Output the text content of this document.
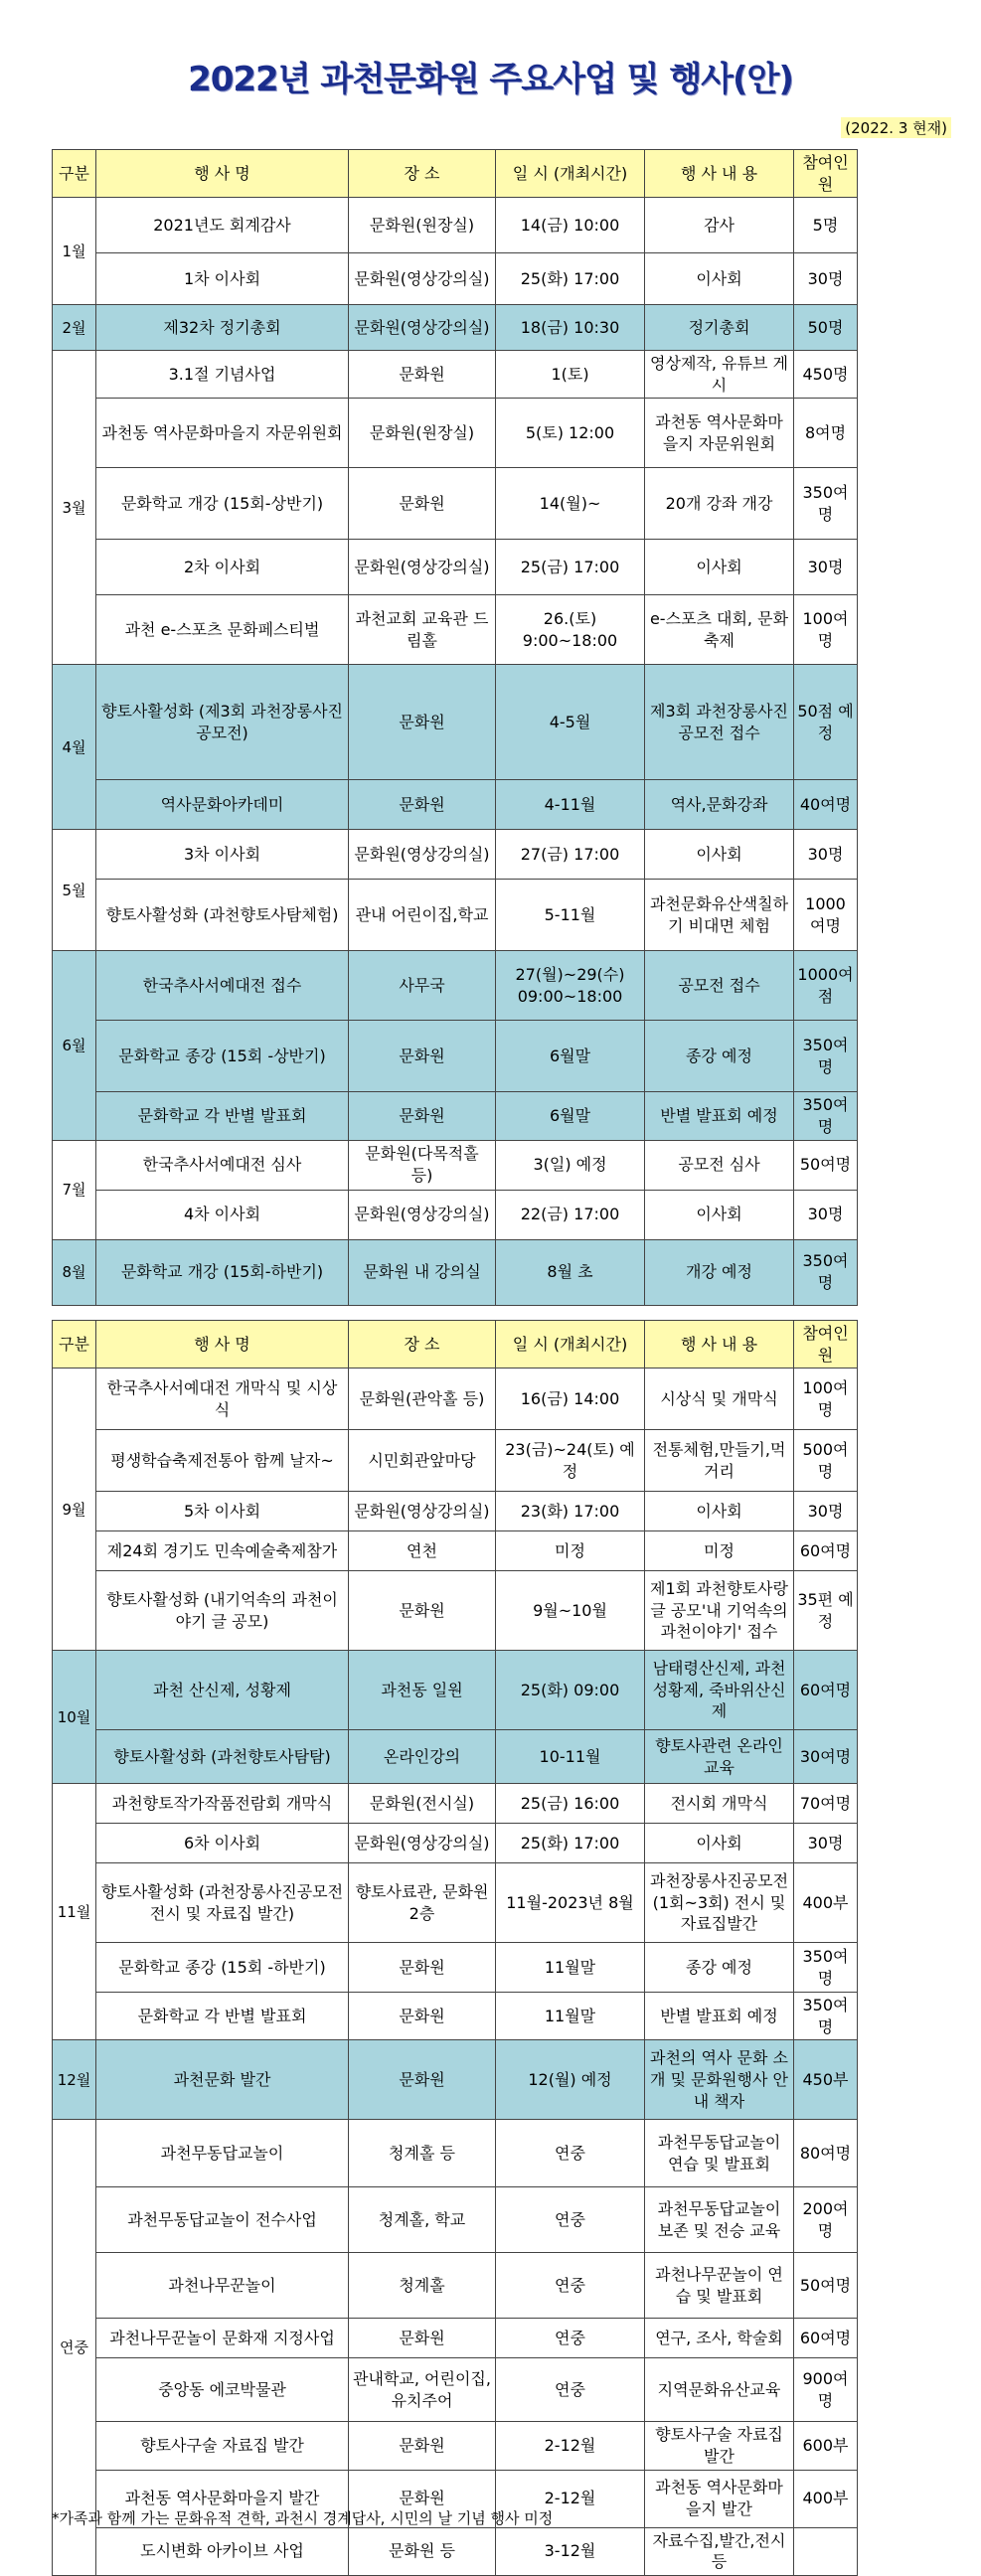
2022년 과천문화원 주요사업 및 행사(안)
(2022. 3 현재)
구분	행 사 명	장 소	일 시 (개최시간)	행 사 내 용	참여인원
1월	2021년도 회계감사	문화원(원장실)	14(금) 10:00	감사	5명
	1차 이사회	문화원(영상강의실)	25(화) 17:00	이사회	30명
2월	제32차 정기총회	문화원(영상강의실)	18(금) 10:30	정기총회	50명
3월	3.1절 기념사업	문화원	1(토)	영상제작, 유튜브 게시	450명
	과천동 역사문화마을지 자문위원회	문화원(원장실)	5(토) 12:00	과천동 역사문화마을지 자문위원회	8여명
	문화학교 개강 (15회-상반기)	문화원	14(월)~	20개 강좌 개강	350여명
	2차 이사회	문화원(영상강의실)	25(금) 17:00	이사회	30명
	과천 e-스포츠 문화페스티벌	과천교회 교육관 드림홀	26.(토) 9:00~18:00	e-스포츠 대회, 문화축제	100여명
4월	향토사활성화 (제3회 과천장롱사진공모전)	문화원	4-5월	제3회 과천장롱사진공모전 접수	50점 예정
	역사문화아카데미	문화원	4-11월	역사,문화강좌	40여명
5월	3차 이사회	문화원(영상강의실)	27(금) 17:00	이사회	30명
	향토사활성화 (과천향토사탐체험)	관내 어린이집,학교	5-11월	과천문화유산색칠하기 비대면 체험	1000 여명
6월	한국추사서예대전 접수	사무국	27(월)~29(수) 09:00~18:00	공모전 접수	1000여점
	문화학교 종강 (15회 -상반기)	문화원	6월말	종강 예정	350여명
	문화학교 각 반별 발표회	문화원	6월말	반별 발표회 예정	350여명
7월	한국추사서예대전 심사	문화원(다목적홀 등)	3(일) 예정	공모전 심사	50여명
	4차 이사회	문화원(영상강의실)	22(금) 17:00	이사회	30명
8월	문화학교 개강 (15회-하반기)	문화원 내 강의실	8월 초	개강 예정	350여명
구분	행 사 명	장 소	일 시 (개최시간)	행 사 내 용	참여인원
9월	한국추사서예대전 개막식 및 시상식	문화원(관악홀 등)	16(금) 14:00	시상식 및 개막식	100여명
	평생학습축제전통아 함께 날자~	시민회관앞마당	23(금)~24(토) 예정	전통체험,만들기,먹거리	500여명
	5차 이사회	문화원(영상강의실)	23(화) 17:00	이사회	30명
	제24회 경기도 민속예술축제참가	연천	미정	미정	60여명
	향토사활성화 (내기억속의 과천이야기 글 공모)	문화원	9월~10월	제1회 과천향토사랑글 공모'내 기억속의 과천이야기' 접수	35편 예정
10월	과천 산신제, 성황제	과천동 일원	25(화) 09:00	남태령산신제, 과천성황제, 죽바위산신제	60여명
	향토사활성화 (과천향토사탐탐)	온라인강의	10-11월	향토사관련 온라인교육	30여명
11월	과천향토작가작품전람회 개막식	문화원(전시실)	25(금) 16:00	전시회 개막식	70여명
	6차 이사회	문화원(영상강의실)	25(화) 17:00	이사회	30명
	향토사활성화 (과천장롱사진공모전 전시 및 자료집 발간)	향토사료관, 문화원2층	11월-2023년 8월	과천장롱사진공모전(1회~3회) 전시 및 자료집발간	400부
	문화학교 종강 (15회 -하반기)	문화원	11월말	종강 예정	350여명
	문화학교 각 반별 발표회	문화원	11월말	반별 발표회 예정	350여명
12월	과천문화 발간	문화원	12(월) 예정	과천의 역사 문화 소개 및 문화원행사 안내 책자	450부
연중	과천무동답교놀이	청계홀 등	연중	과천무동답교놀이 연습 및 발표회	80여명
	과천무동답교놀이 전수사업	청계홀, 학교	연중	과천무동답교놀이 보존 및 전승 교육	200여명
	과천나무꾼놀이	청계홀	연중	과천나무꾼놀이 연습 및 발표회	50여명
	과천나무꾼놀이 문화재 지정사업	문화원	연중	연구, 조사, 학술회	60여명
	중앙동 에코박물관	관내학교, 어린이집, 유치주어	연중	지역문화유산교육	900여명
	향토사구술 자료집 발간	문화원	2-12월	향토사구술 자료집 발간	600부
	과천동 역사문화마을지 발간	문화원	2-12월	과천동 역사문화마을지 발간	400부
	도시변화 아카이브 사업	문화원 등	3-12월	자료수집,발간,전시 등	
*가족과 함께 가는 문화유적 견학, 과천시 경계답사, 시민의 날 기념 행사 미정
